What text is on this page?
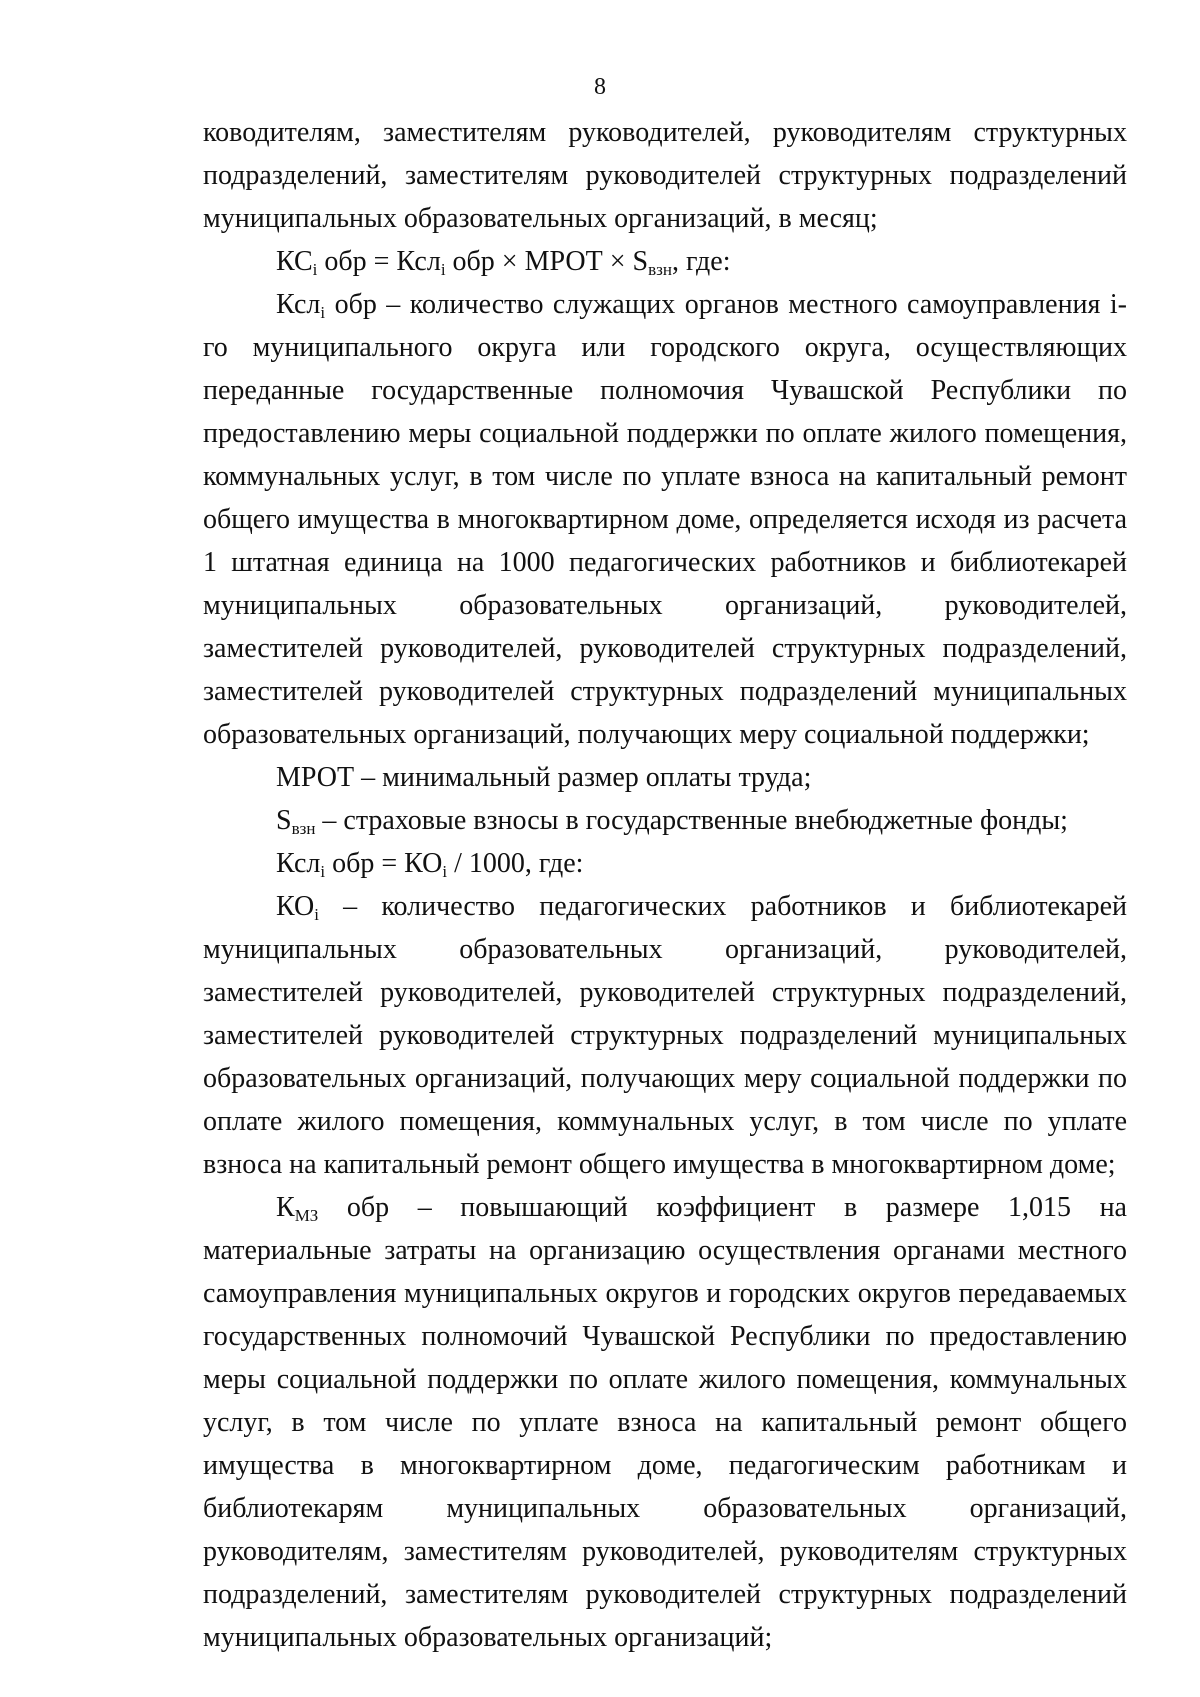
8

ководителям, заместителям руководителей, руководителям структурных подразделений, заместителям руководителей структурных подразделений муниципальных образовательных организаций, в месяц;

$КС_i$ обр = Ксл$_i$ обр × МРОТ × $S_{взн}$, где:

Ксл$_i$ обр – количество служащих органов местного самоуправления i-го муниципального округа или городского округа, осуществляющих переданные государственные полномочия Чувашской Республики по предоставлению меры социальной поддержки по оплате жилого помещения, коммунальных услуг, в том числе по уплате взноса на капитальный ремонт общего имущества в многоквартирном доме, определяется исходя из расчета 1 штатная единица на 1000 педагогических работников и библиотекарей муниципальных образовательных организаций, руководителей, заместителей руководителей, руководителей структурных подразделений, заместителей руководителей структурных подразделений муниципальных образовательных организаций, получающих меру социальной поддержки;

МРОТ – минимальный размер оплаты труда;

$S_{взн}$ – страховые взносы в государственные внебюджетные фонды;

Ксл$_i$ обр = $КО_i / 1000$, где:

$КО_i$ – количество педагогических работников и библиотекарей муниципальных образовательных организаций, руководителей, заместителей руководителей, руководителей структурных подразделений, заместителей руководителей структурных подразделений муниципальных образовательных организаций, получающих меру социальной поддержки по оплате жилого помещения, коммунальных услуг, в том числе по уплате взноса на капитальный ремонт общего имущества в многоквартирном доме;

$К_{МЗ}$ обр – повышающий коэффициент в размере 1,015 на материальные затраты на организацию осуществления органами местного самоуправления муниципальных округов и городских округов передаваемых государственных полномочий Чувашской Республики по предоставлению меры социальной поддержки по оплате жилого помещения, коммунальных услуг, в том числе по уплате взноса на капитальный ремонт общего имущества в многоквартирном доме, педагогическим работникам и библиотекарям муниципальных образовательных организаций, руководителям, заместителям руководителей, руководителям структурных подразделений, заместителям руководителей структурных подразделений муниципальных образовательных организаций;
